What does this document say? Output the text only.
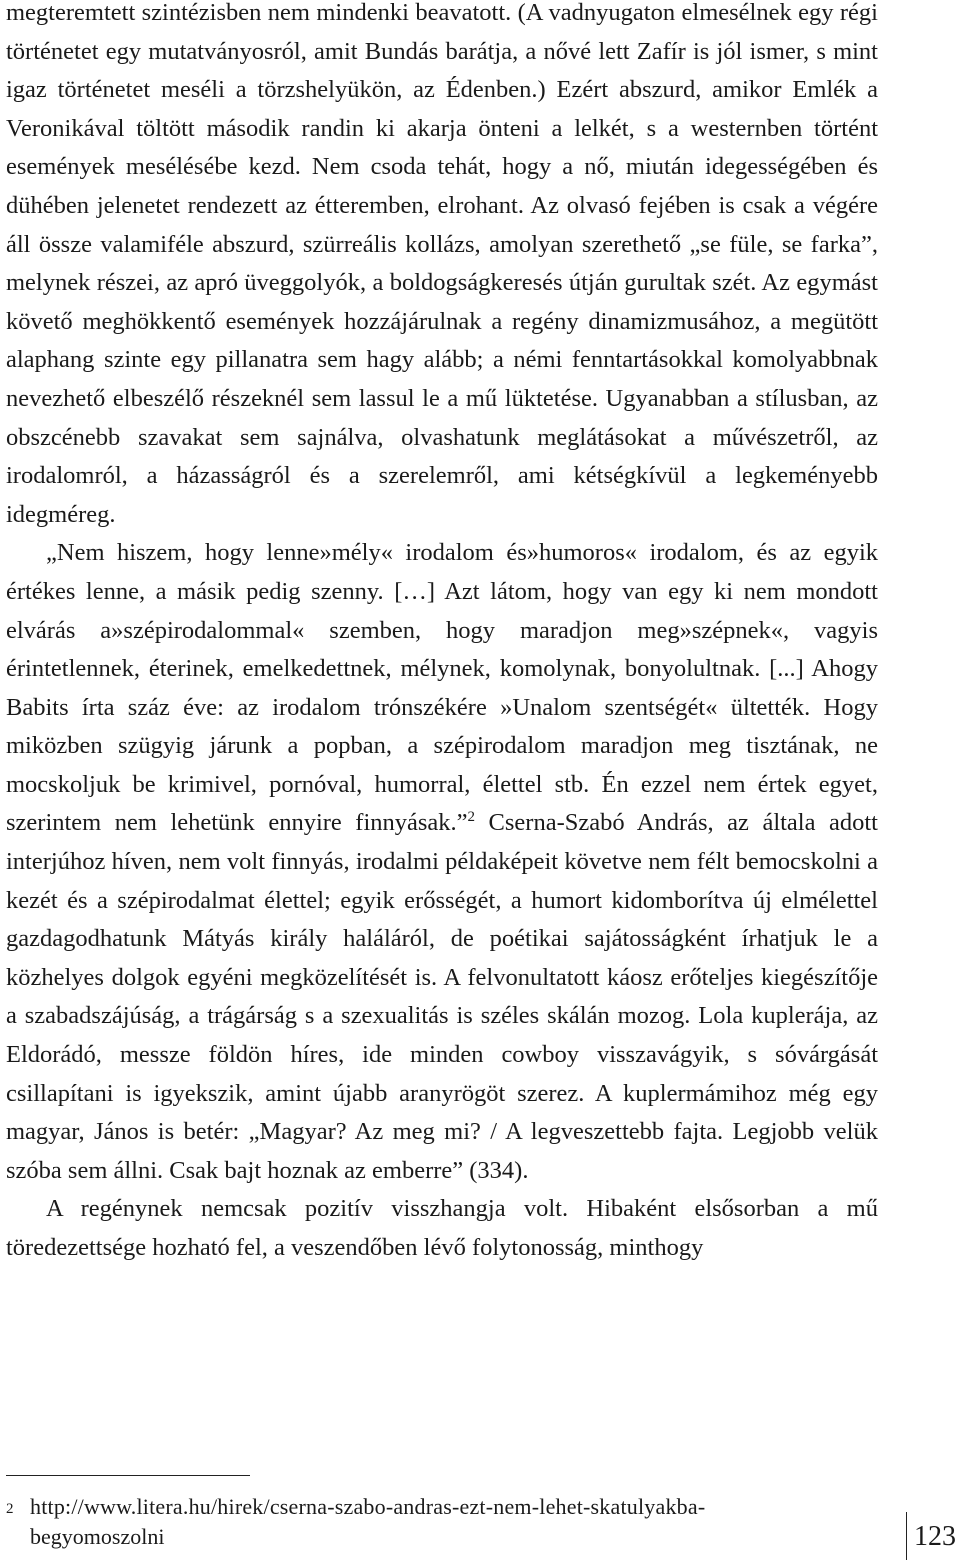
megteremtett szintézisben nem mindenki beavatott. (A vadnyugaton elmesélnek egy régi történetet egy mutatványosról, amit Bundás barátja, a nővé lett Zafír is jól ismer, s mint igaz történetet meséli a törzshelyükön, az Édenben.) Ezért abszurd, amikor Emlék a Veronikával töltött második randin ki akarja önteni a lelkét, s a westernben történt események mesélésébe kezd. Nem csoda tehát, hogy a nő, miután idegességében és dühében jelenetet rendezett az étteremben, elrohant. Az olvasó fejében is csak a végére áll össze valamiféle abszurd, szürreális kollázs, amolyan szerethető „se füle, se farka”, melynek részei, az apró üveggolyók, a boldogságkeresés útján gurultak szét. Az egymást követő meghökkentő események hozzájárulnak a regény dinamizmusához, a megütött alaphang szinte egy pillanatra sem hagy alább; a némi fenntartásokkal komolyabbnak nevezhető elbeszélő részeknél sem lassul le a mű lüktetése. Ugyanabban a stílusban, az obszcénebb szavakat sem sajnálva, olvashatunk meglátásokat a művészetről, az irodalomról, a házasságról és a szerelemről, ami kétségkívül a legkeményebb idegméreg.

„Nem hiszem, hogy lenne»mély« irodalom és»humoros« irodalom, és az egyik értékes lenne, a másik pedig szenny. […] Azt látom, hogy van egy ki nem mondott elvárás a»szépirodalommal« szemben, hogy maradjon meg»szépnek«, vagyis érintetlennek, éterinek, emelkedettnek, mélynek, komolynak, bonyolultnak. [...] Ahogy Babits írta száz éve: az irodalom trónszékére »Unalom szentségét« ültették. Hogy miközben szügyig járunk a popban, a szépirodalom maradjon meg tisztának, ne mocskoljuk be krimivel, pornóval, humorral, élettel stb. Én ezzel nem értek egyet, szerintem nem lehetünk ennyire finnyásak.”$^2$ Cserna-Szabó András, az általa adott interjúhoz híven, nem volt finnyás, irodalmi példaképeit követve nem félt bemocskolni a kezét és a szépirodalmat élettel; egyik erősségét, a humort kidomborítva új elmélettel gazdagodhatunk Mátyás király haláláról, de poétikai sajátosságként írhatjuk le a közhelyes dolgok egyéni megközelítését is. A felvonultatott káosz erőteljes kiegészítője a szabadszájúság, a trágárság s a szexualitás is széles skálán mozog. Lola kuplerája, az Eldorádó, messze földön híres, ide minden cowboy visszavágyik, s sóvárgását csillapítani is igyekszik, amint újabb aranyrögöt szerez. A kuplermámihoz még egy magyar, János is betér: „Magyar? Az meg mi? / A legveszettebb fajta. Legjobb velük szóba sem állni. Csak bajt hoznak az emberre” (334).

A regénynek nemcsak pozitív visszhangja volt. Hibaként elsősorban a mű töredezettsége hozható fel, a veszendőben lévő folytonosság, minthogy

2 http://www.litera.hu/hirek/cserna-szabo-andras-ezt-nem-lehet-skatulyakba-
begyomoszolni	123
